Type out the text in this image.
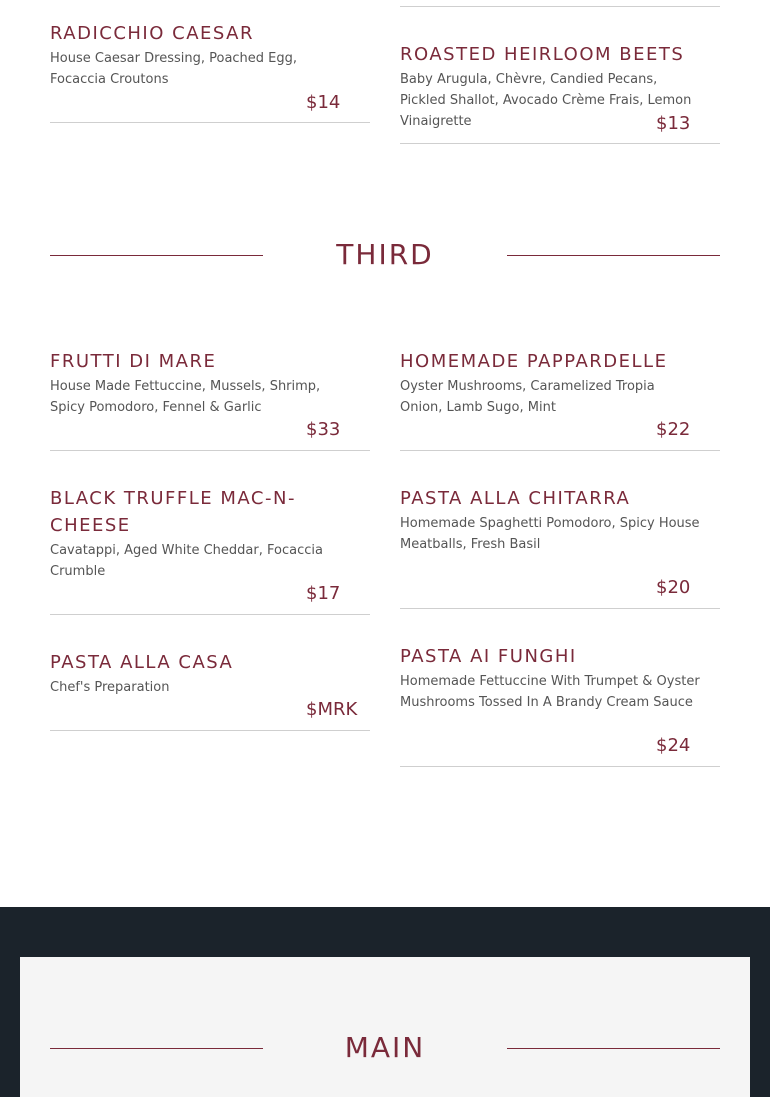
RADICCHIO CAESAR
House Caesar Dressing, Poached Egg, Focaccia Croutons
$14
ROASTED HEIRLOOM BEETS
Baby Arugula, Chèvre, Candied Pecans, Pickled Shallot, Avocado Crème Frais, Lemon Vinaigrette	$13
THIRD
FRUTTI DI MARE
House Made Fettuccine, Mussels, Shrimp, Spicy Pomodoro, Fennel & Garlic
$33
HOMEMADE PAPPARDELLE
Oyster Mushrooms, Caramelized Tropia Onion, Lamb Sugo, Mint
$22
BLACK TRUFFLE MAC-N-CHEESE
Cavatappi, Aged White Cheddar, Focaccia Crumble
$17
PASTA ALLA CHITARRA
Homemade Spaghetti Pomodoro, Spicy House Meatballs, Fresh Basil
$20
PASTA ALLA CASA
Chef's Preparation
$MRK
PASTA AI FUNGHI
Homemade Fettuccine With Trumpet & Oyster Mushrooms Tossed In A Brandy Cream Sauce
$24
MAIN
